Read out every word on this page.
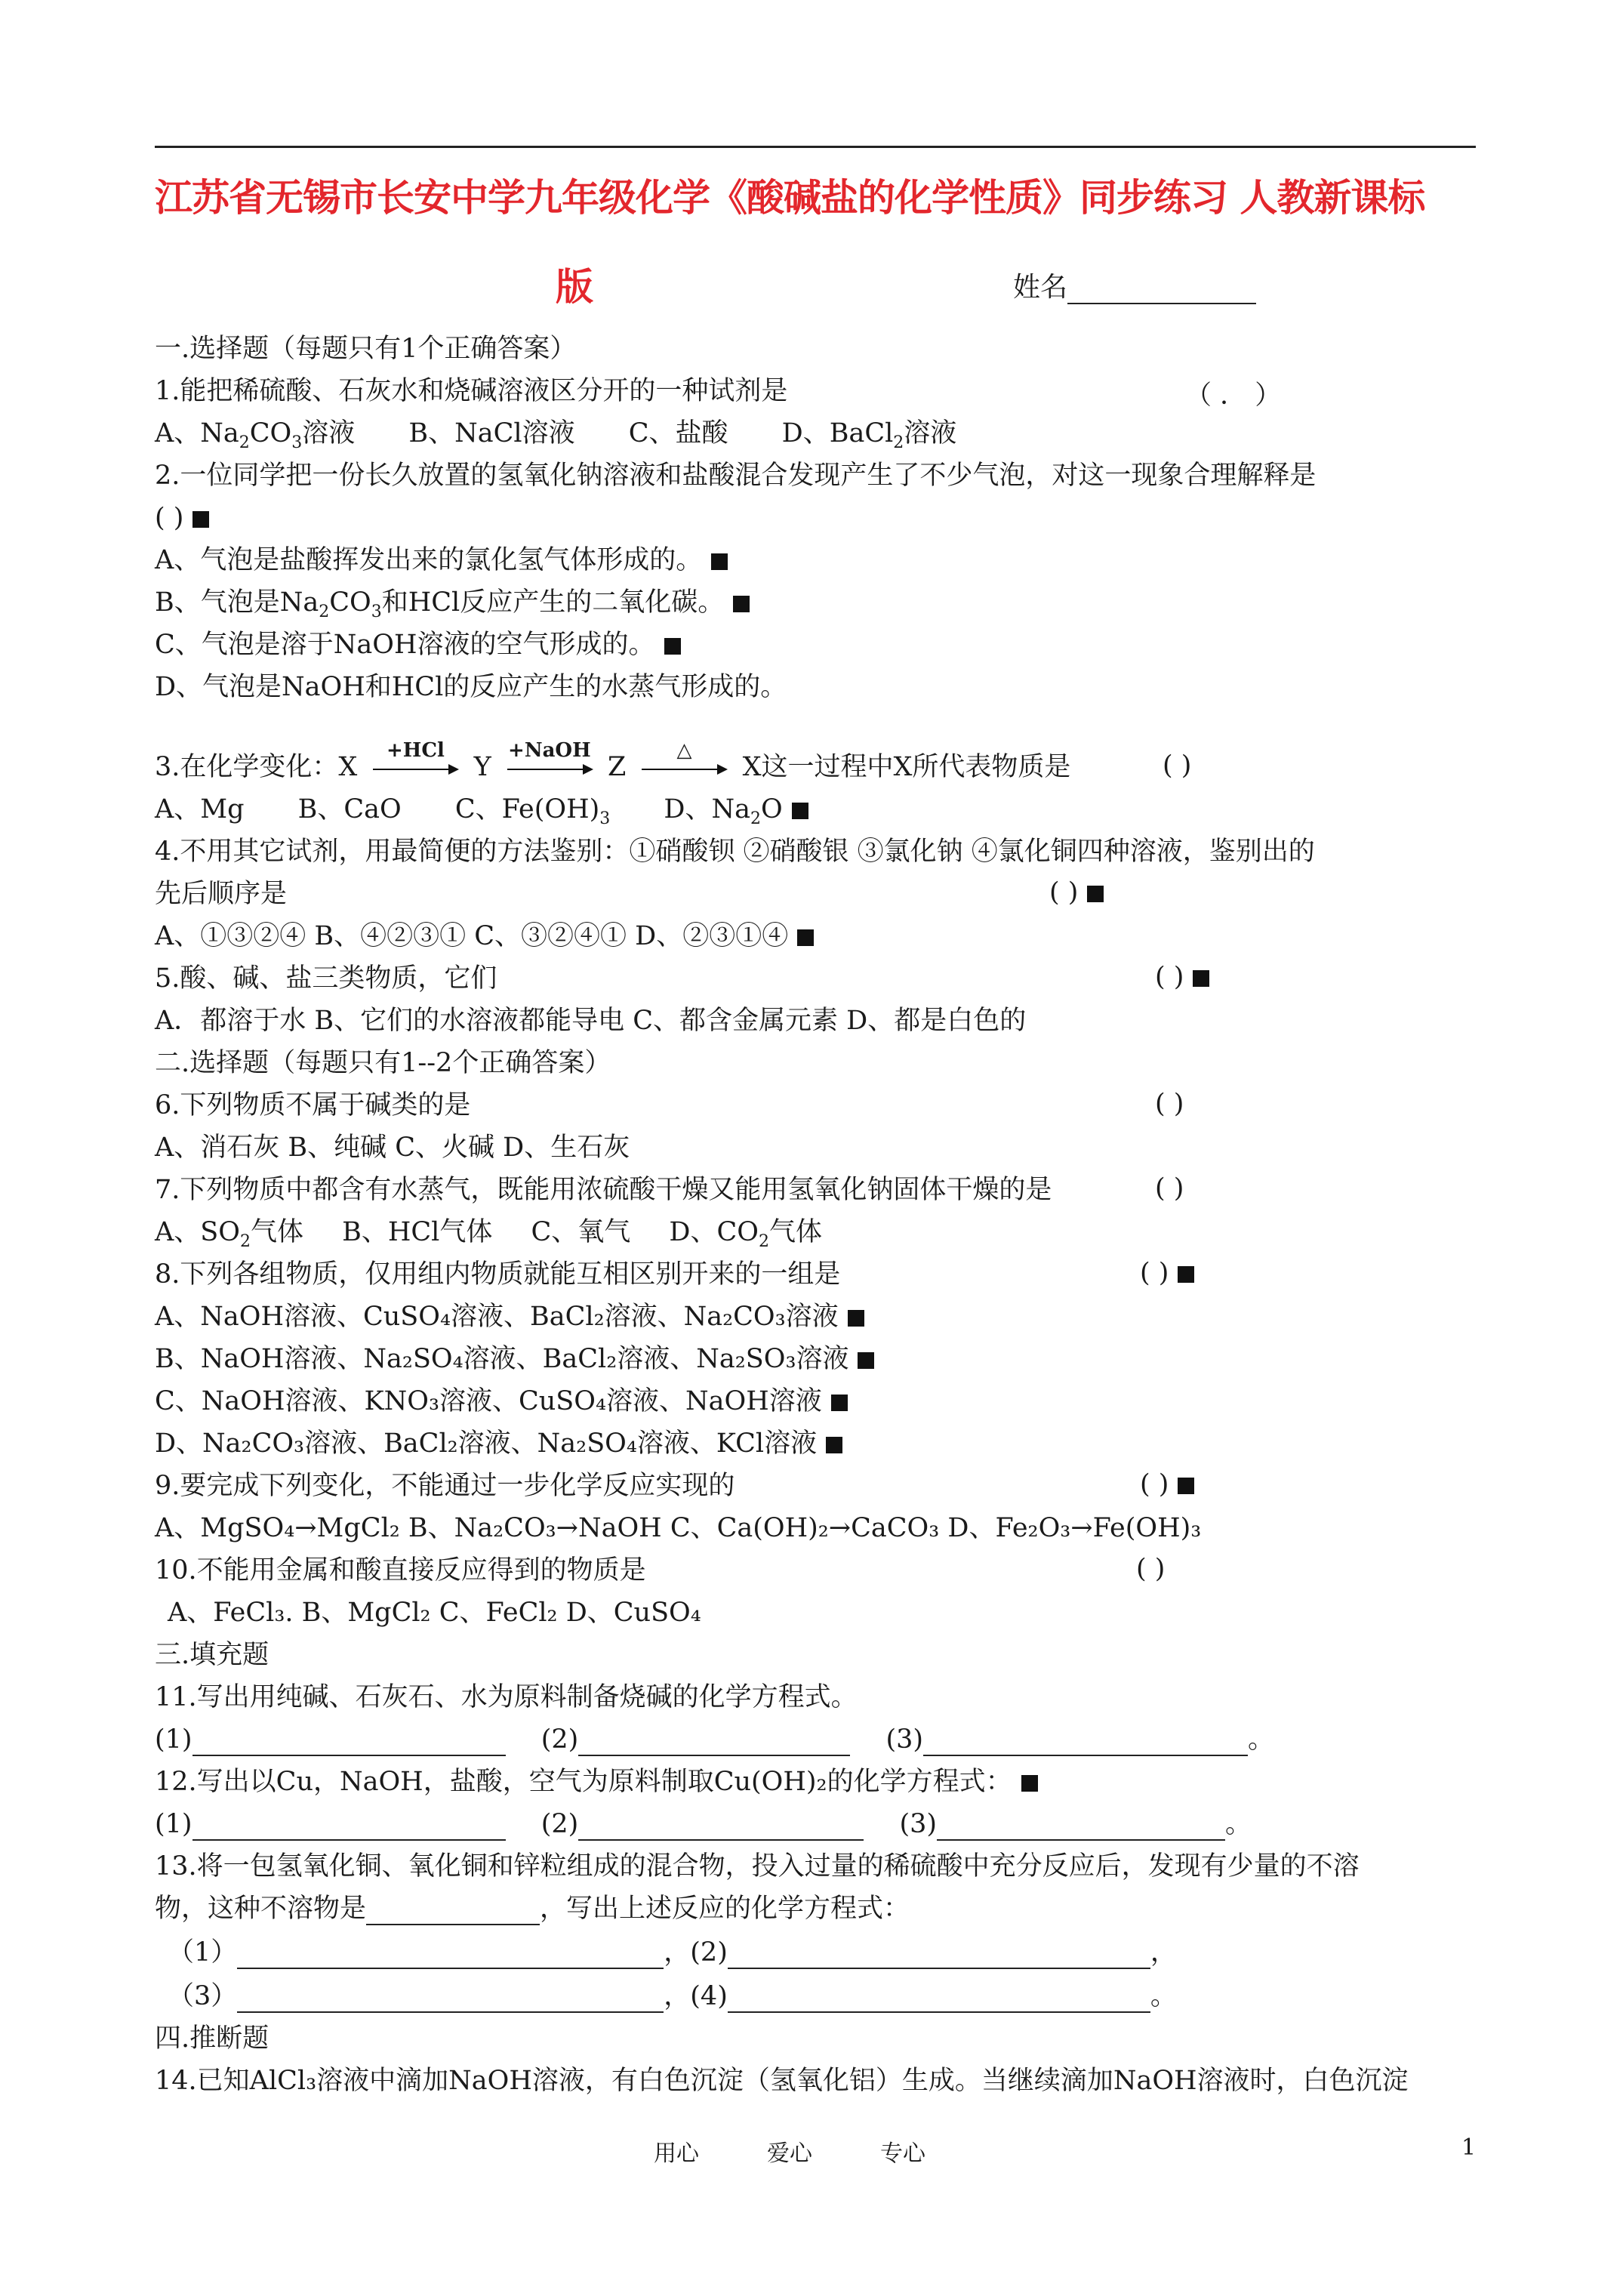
江苏省无锡市长安中学九年级化学《酸碱盐的化学性质》同步练习 人教新课标
版	姓名
一.选择题（每题只有1个正确答案）
1.能把稀硫酸、石灰水和烧碱溶液区分开的一种试剂是	（ ． ）
A、$Na_2CO_3$溶液 B、NaCl溶液 C、盐酸 D、BaCl$_2$溶液
2.一位同学把一份长久放置的氢氧化钠溶液和盐酸混合发现产生了不少气泡，对这一现象合理解释是
( )
A、气泡是盐酸挥发出来的氯化氢气体形成的。
B、气泡是$Na_2CO_3$和HCl反应产生的二氧化碳。
C、气泡是溶于NaOH溶液的空气形成的。
D、气泡是NaOH和HCl的反应产生的水蒸气形成的。
3.在化学变化：X
+HCl
Y
+NaOH
Z
△
X这一过程中X所代表物质是	( )
A、Mg B、CaO C、$Fe(OH)_3$ D、$Na_2O$
4.不用其它试剂，用最简便的方法鉴别：①硝酸钡 ②硝酸银 ③氯化钠 ④氯化铜四种溶液，鉴别出的
先后顺序是	( )
A、①③②④ B、④②③① C、③②④① D、②③①④
5.酸、碱、盐三类物质，它们	( )
A．都溶于水 B、它们的水溶液都能导电 C、都含金属元素 D、都是白色的
二.选择题（每题只有1--2个正确答案）
6.下列物质不属于碱类的是	( )
A、消石灰 B、纯碱 C、火碱 D、生石灰
7.下列物质中都含有水蒸气，既能用浓硫酸干燥又能用氢氧化钠固体干燥的是	( )
A、$SO_2$气体 B、HCl气体 C、氧气 D、$CO_2$气体
8.下列各组物质，仅用组内物质就能互相区别开来的一组是	( )
A、NaOH溶液、CuSO₄溶液、BaCl₂溶液、Na₂CO₃溶液
B、NaOH溶液、Na₂SO₄溶液、BaCl₂溶液、Na₂SO₃溶液
C、NaOH溶液、KNO₃溶液、CuSO₄溶液、NaOH溶液
D、Na₂CO₃溶液、BaCl₂溶液、Na₂SO₄溶液、KCl溶液
9.要完成下列变化，不能通过一步化学反应实现的	( )
A、MgSO₄→MgCl₂ B、Na₂CO₃→NaOH C、Ca(OH)₂→CaCO₃ D、Fe₂O₃→Fe(OH)₃
10.不能用金属和酸直接反应得到的物质是	( )
A、FeCl₃. B、MgCl₂ C、FeCl₂ D、CuSO₄
三.填充题
11.写出用纯碱、石灰石、水为原料制备烧碱的化学方程式。
(1)	(2)	(3)	。
12.写出以Cu，NaOH，盐酸，空气为原料制取Cu(OH)₂的化学方程式：
(1)	(2)	(3)	。
13.将一包氢氧化铜、氧化铜和锌粒组成的混合物，投入过量的稀硫酸中充分反应后，发现有少量的不溶
物，这种不溶物是	，写出上述反应的化学方程式：
（1）	，(2)	，
（3）	，(4)	。
四.推断题
14.已知AlCl₃溶液中滴加NaOH溶液，有白色沉淀（氢氧化铝）生成。当继续滴加NaOH溶液时，白色沉淀
用心	爱心	专心	1
